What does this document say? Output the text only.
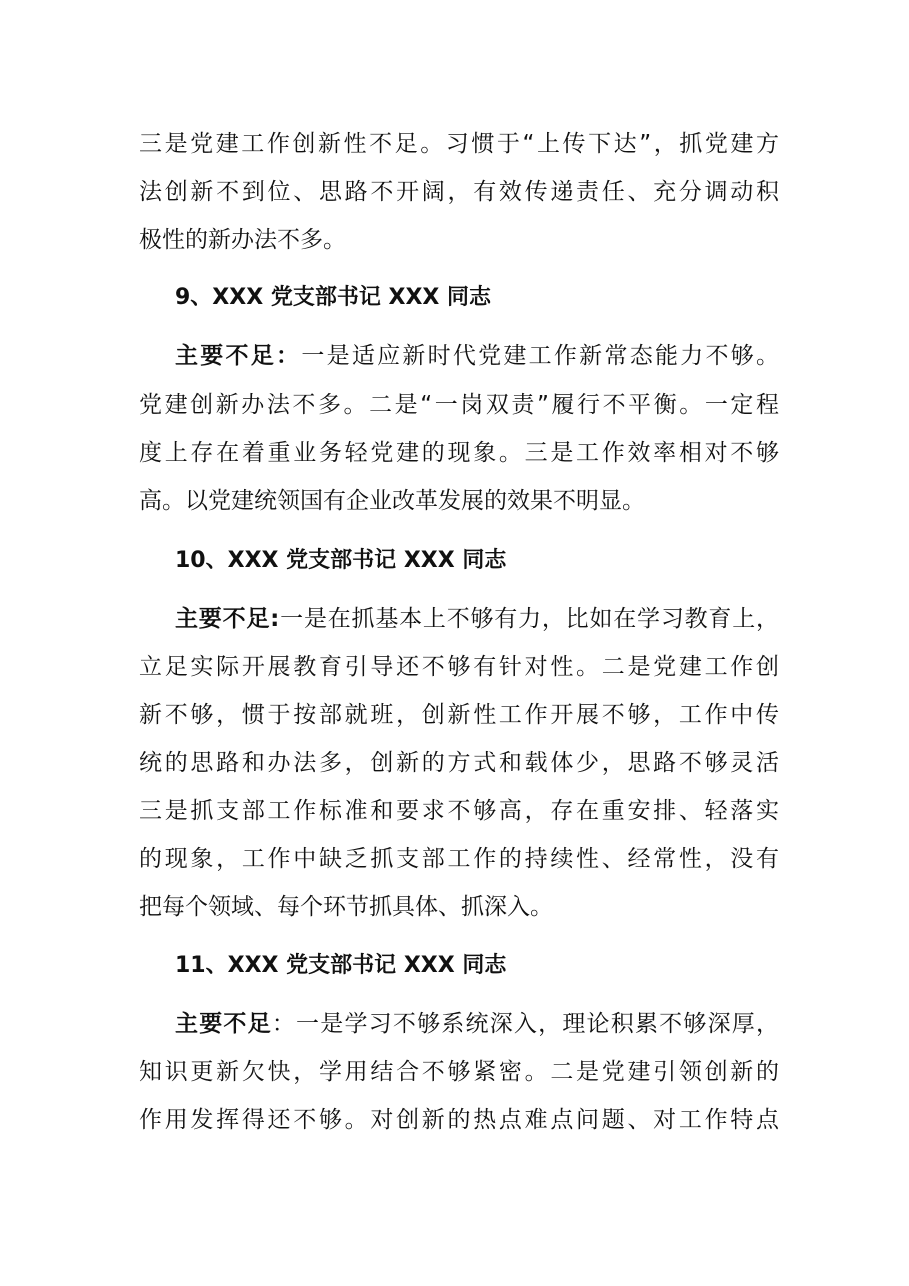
三是党建工作创新性不足。习惯于“上传下达”，抓党建方
法创新不到位、思路不开阔，有效传递责任、充分调动积
极性的新办法不多。
9、XXX 党支部书记 XXX 同志
主要不足：一是适应新时代党建工作新常态能力不够。
党建创新办法不多。二是“一岗双责”履行不平衡。一定程
度上存在着重业务轻党建的现象。三是工作效率相对不够
高。以党建统领国有企业改革发展的效果不明显。
10、XXX 党支部书记 XXX 同志
主要不足:一是在抓基本上不够有力，比如在学习教育上，
立足实际开展教育引导还不够有针对性。二是党建工作创
新不够，惯于按部就班，创新性工作开展不够，工作中传
统的思路和办法多，创新的方式和载体少，思路不够灵活
三是抓支部工作标准和要求不够高，存在重安排、轻落实
的现象，工作中缺乏抓支部工作的持续性、经常性，没有
把每个领域、每个环节抓具体、抓深入。
11、XXX 党支部书记 XXX 同志
主要不足：一是学习不够系统深入，理论积累不够深厚，
知识更新欠快，学用结合不够紧密。二是党建引领创新的
作用发挥得还不够。对创新的热点难点问题、对工作特点
